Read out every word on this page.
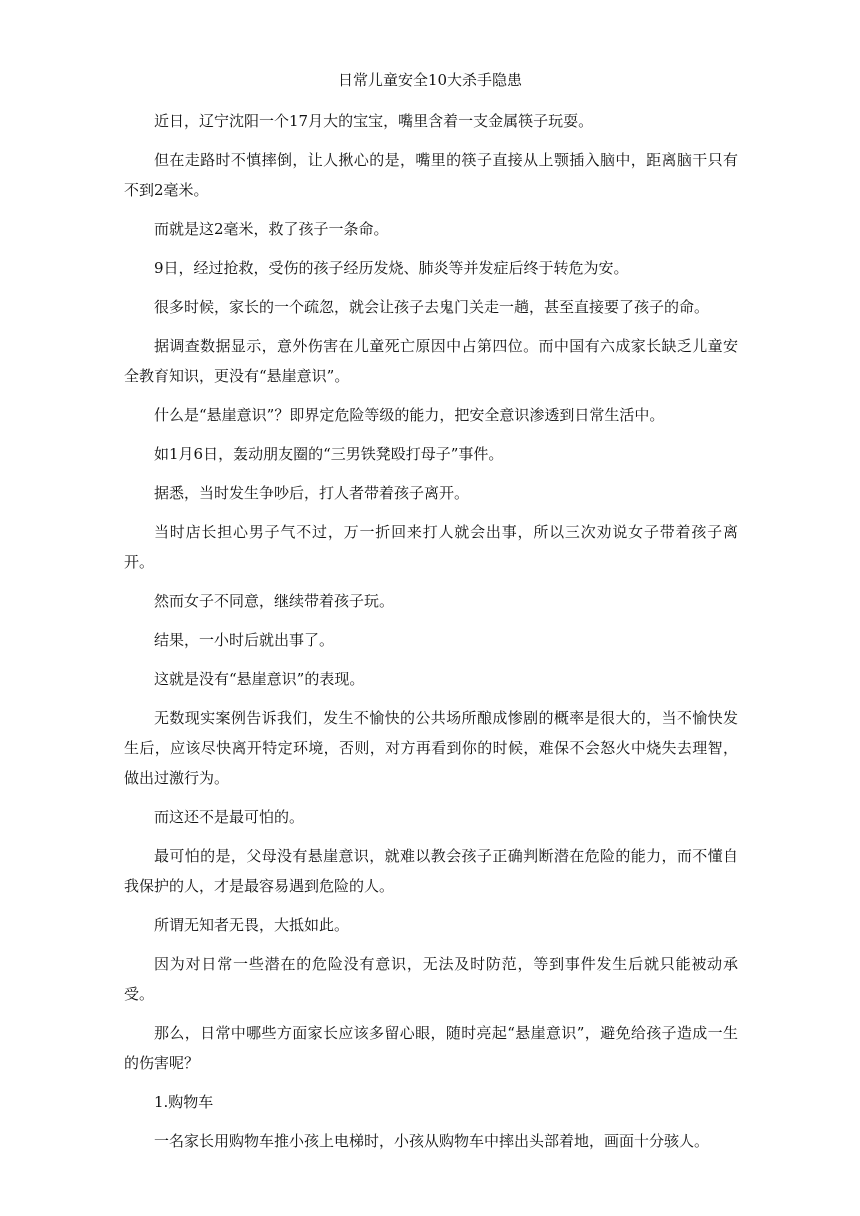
日常儿童安全10大杀手隐患

近日，辽宁沈阳一个17月大的宝宝，嘴里含着一支金属筷子玩耍。

但在走路时不慎摔倒，让人揪心的是，嘴里的筷子直接从上颚插入脑中，距离脑干只有不到2毫米。

而就是这2毫米，救了孩子一条命。

9日，经过抢救，受伤的孩子经历发烧、肺炎等并发症后终于转危为安。

很多时候，家长的一个疏忽，就会让孩子去鬼门关走一趟，甚至直接要了孩子的命。

据调查数据显示，意外伤害在儿童死亡原因中占第四位。而中国有六成家长缺乏儿童安全教育知识，更没有“悬崖意识”。

什么是“悬崖意识”？即界定危险等级的能力，把安全意识渗透到日常生活中。

如1月6日，轰动朋友圈的“三男铁凳殴打母子”事件。

据悉，当时发生争吵后，打人者带着孩子离开。

当时店长担心男子气不过，万一折回来打人就会出事，所以三次劝说女子带着孩子离开。

然而女子不同意，继续带着孩子玩。

结果，一小时后就出事了。

这就是没有“悬崖意识”的表现。

无数现实案例告诉我们，发生不愉快的公共场所酿成惨剧的概率是很大的，当不愉快发生后，应该尽快离开特定环境，否则，对方再看到你的时候，难保不会怒火中烧失去理智，做出过激行为。

而这还不是最可怕的。

最可怕的是，父母没有悬崖意识，就难以教会孩子正确判断潜在危险的能力，而不懂自我保护的人，才是最容易遇到危险的人。

所谓无知者无畏，大抵如此。

因为对日常一些潜在的危险没有意识，无法及时防范，等到事件发生后就只能被动承受。

那么，日常中哪些方面家长应该多留心眼，随时亮起“悬崖意识”，避免给孩子造成一生的伤害呢？

1.购物车

一名家长用购物车推小孩上电梯时，小孩从购物车中摔出头部着地，画面十分骇人。
